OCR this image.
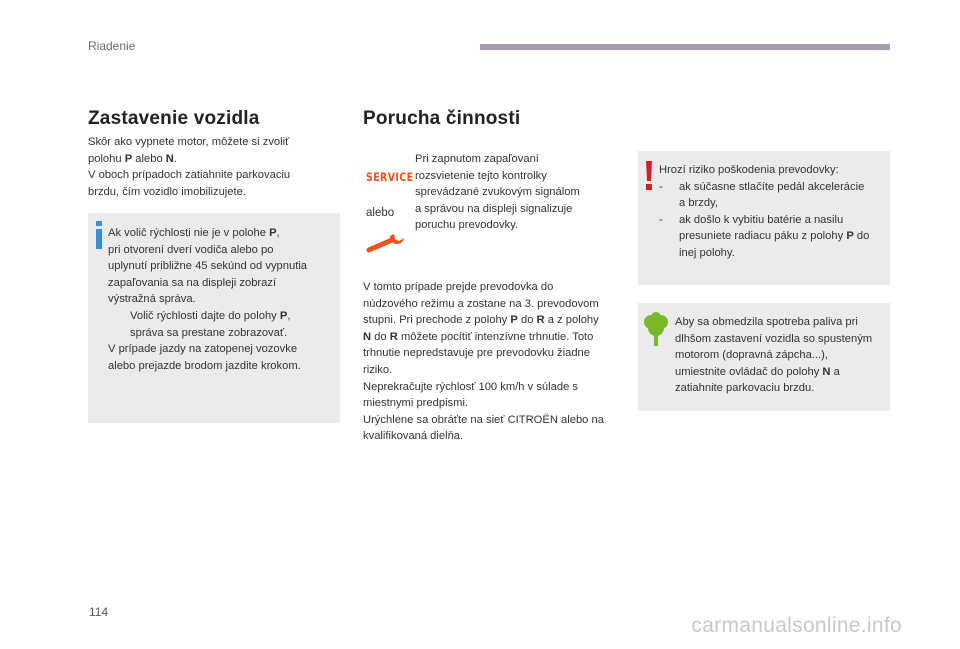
Riadenie
Zastavenie vozidla
Skôr ako vypnete motor, môžete si zvoliť
polohu P alebo N.
V oboch prípadoch zatiahnite parkovaciu
brzdu, čím vozidlo imobilizujete.
Ak volič rýchlosti nie je v polohe P,
pri otvorení dverí vodiča alebo po
uplynutí približne 45 sekúnd od vypnutia
zapaľovania sa na displeji zobrazí
výstražná správa.
Volič rýchlosti dajte do polohy P,
správa sa prestane zobrazovať.
V prípade jazdy na zatopenej vozovke
alebo prejazde brodom jazdite krokom.
Porucha činnosti
SERVICE
alebo
Pri zapnutom zapaľovaní
rozsvietenie tejto kontrolky
sprevádzané zvukovým signálom
a správou na displeji signalizuje
poruchu prevodovky.
V tomto prípade prejde prevodovka do
núdzového režimu a zostane na 3. prevodovom
stupni. Pri prechode z polohy P do R a z polohy
N do R môžete pocítiť intenzívne trhnutie. Toto
trhnutie nepredstavuje pre prevodovku žiadne
riziko.
Neprekračujte rýchlosť 100 km/h v súlade s
miestnymi predpismi.
Urýchlene sa obráťte na sieť CITROËN alebo na
kvalifikovaná dielňa.
Hrozí riziko poškodenia prevodovky:
-	ak súčasne stlačíte pedál akcelerácie
a brzdy,
-	ak došlo k vybitiu batérie a nasilu
presuniete radiacu páku z polohy P do
inej polohy.
Aby sa obmedzila spotreba paliva pri
dlhšom zastavení vozidla so spusteným
motorom (dopravná zápcha...),
umiestnite ovládač do polohy N a
zatiahnite parkovaciu brzdu.
114
carmanualsonline.info
